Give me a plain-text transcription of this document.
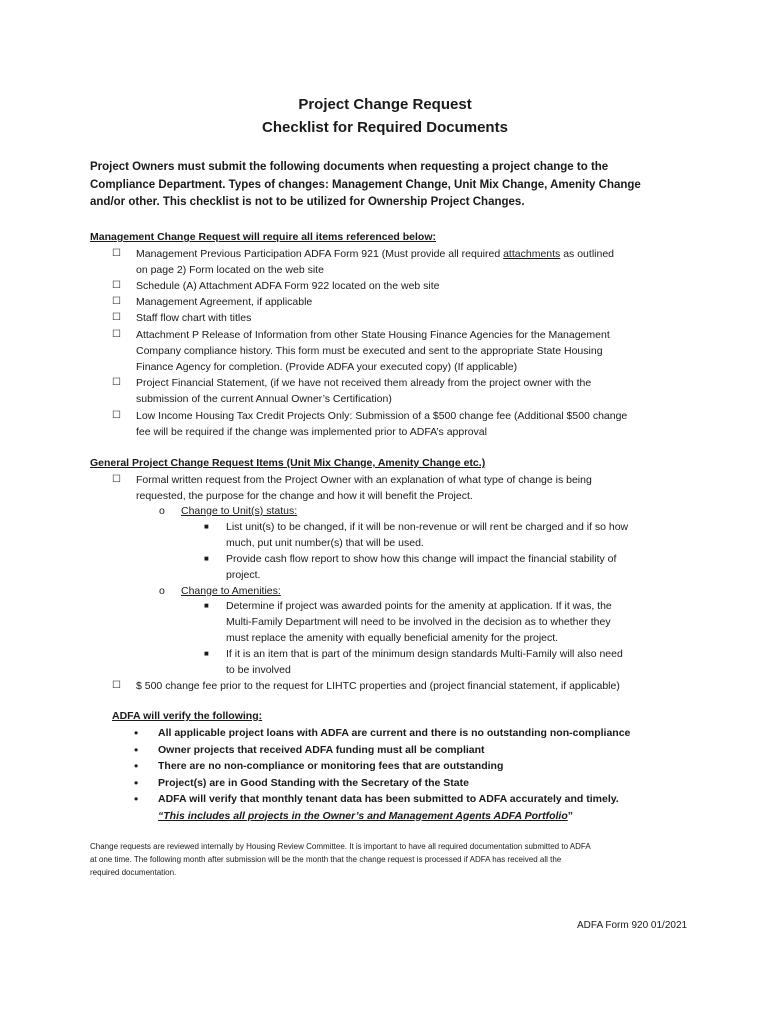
Project Change Request
Checklist for Required Documents
Project Owners must submit the following documents when requesting a project change to the
Compliance Department. Types of changes: Management Change, Unit Mix Change, Amenity Change
and/or other. This checklist is not to be utilized for Ownership Project Changes.
Management Change Request will require all items referenced below:
☐ Management Previous Participation ADFA Form 921 (Must provide all required attachments as outlined
on page 2) Form located on the web site
☐ Schedule (A) Attachment ADFA Form 922 located on the web site
☐ Management Agreement, if applicable
☐ Staff flow chart with titles
☐ Attachment P Release of Information from other State Housing Finance Agencies for the Management
Company compliance history. This form must be executed and sent to the appropriate State Housing
Finance Agency for completion. (Provide ADFA your executed copy) (If applicable)
☐ Project Financial Statement, (if we have not received them already from the project owner with the
submission of the current Annual Owner’s Certification)
☐ Low Income Housing Tax Credit Projects Only: Submission of a $500 change fee (Additional $500 change
fee will be required if the change was implemented prior to ADFA’s approval
General Project Change Request Items (Unit Mix Change, Amenity Change etc.)
☐ Formal written request from the Project Owner with an explanation of what type of change is being
requested, the purpose for the change and how it will benefit the Project.
o Change to Unit(s) status:
■ List unit(s) to be changed, if it will be non-revenue or will rent be charged and if so how
much, put unit number(s) that will be used.
■ Provide cash flow report to show how this change will impact the financial stability of
project.
o Change to Amenities:
■ Determine if project was awarded points for the amenity at application. If it was, the
Multi-Family Department will need to be involved in the decision as to whether they
must replace the amenity with equally beneficial amenity for the project.
■ If it is an item that is part of the minimum design standards Multi-Family will also need
to be involved
☐ $ 500 change fee prior to the request for LIHTC properties and (project financial statement, if applicable)
ADFA will verify the following:
• All applicable project loans with ADFA are current and there is no outstanding non-compliance
• Owner projects that received ADFA funding must all be compliant
• There are no non-compliance or monitoring fees that are outstanding
• Project(s) are in Good Standing with the Secretary of the State
• ADFA will verify that monthly tenant data has been submitted to ADFA accurately and timely.
“This includes all projects in the Owner’s and Management Agents ADFA Portfolio”
Change requests are reviewed internally by Housing Review Committee. It is important to have all required documentation submitted to ADFA
at one time. The following month after submission will be the month that the change request is processed if ADFA has received all the
required documentation.
ADFA Form 920 01/2021
